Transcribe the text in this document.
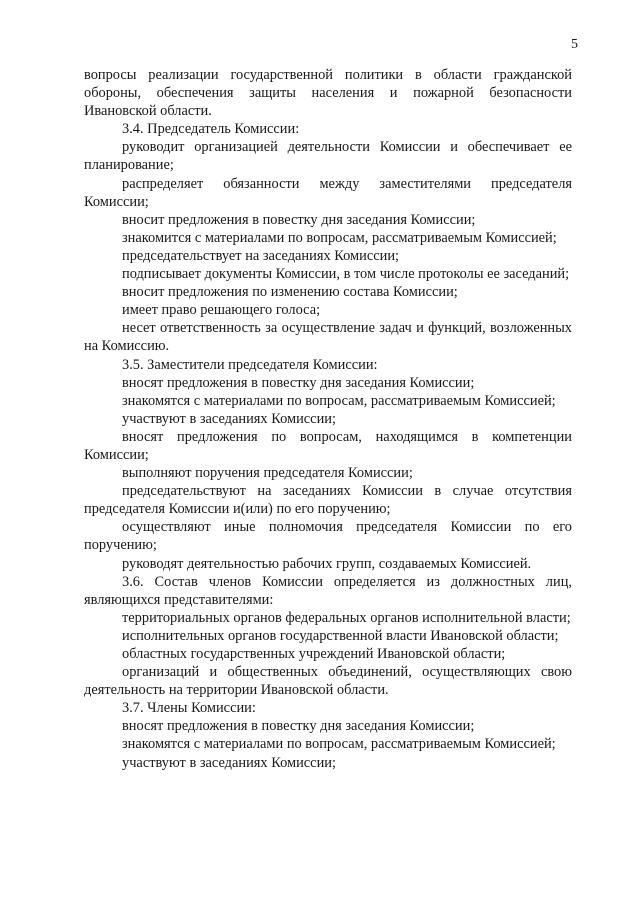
5

вопросы реализации государственной политики в области гражданской обороны, обеспечения защиты населения и пожарной безопасности Ивановской области.

3.4. Председатель Комиссии:

руководит организацией деятельности Комиссии и обеспечивает ее планирование;

распределяет обязанности между заместителями председателя Комиссии;

вносит предложения в повестку дня заседания Комиссии;

знакомится с материалами по вопросам, рассматриваемым Комиссией;

председательствует на заседаниях Комиссии;

подписывает документы Комиссии, в том числе протоколы ее заседаний;

вносит предложения по изменению состава Комиссии;

имеет право решающего голоса;

несет ответственность за осуществление задач и функций, возложенных на Комиссию.

3.5. Заместители председателя Комиссии:

вносят предложения в повестку дня заседания Комиссии;

знакомятся с материалами по вопросам, рассматриваемым Комиссией;

участвуют в заседаниях Комиссии;

вносят предложения по вопросам, находящимся в компетенции Комиссии;

выполняют поручения председателя Комиссии;

председательствуют на заседаниях Комиссии в случае отсутствия председателя Комиссии и(или) по его поручению;

осуществляют иные полномочия председателя Комиссии по его поручению;

руководят деятельностью рабочих групп, создаваемых Комиссией.

3.6. Состав членов Комиссии определяется из должностных лиц, являющихся представителями:

территориальных органов федеральных органов исполнительной власти;

исполнительных органов государственной власти Ивановской области;

областных государственных учреждений Ивановской области;

организаций и общественных объединений, осуществляющих свою деятельность на территории Ивановской области.

3.7. Члены Комиссии:

вносят предложения в повестку дня заседания Комиссии;

знакомятся с материалами по вопросам, рассматриваемым Комиссией;

участвуют в заседаниях Комиссии;
